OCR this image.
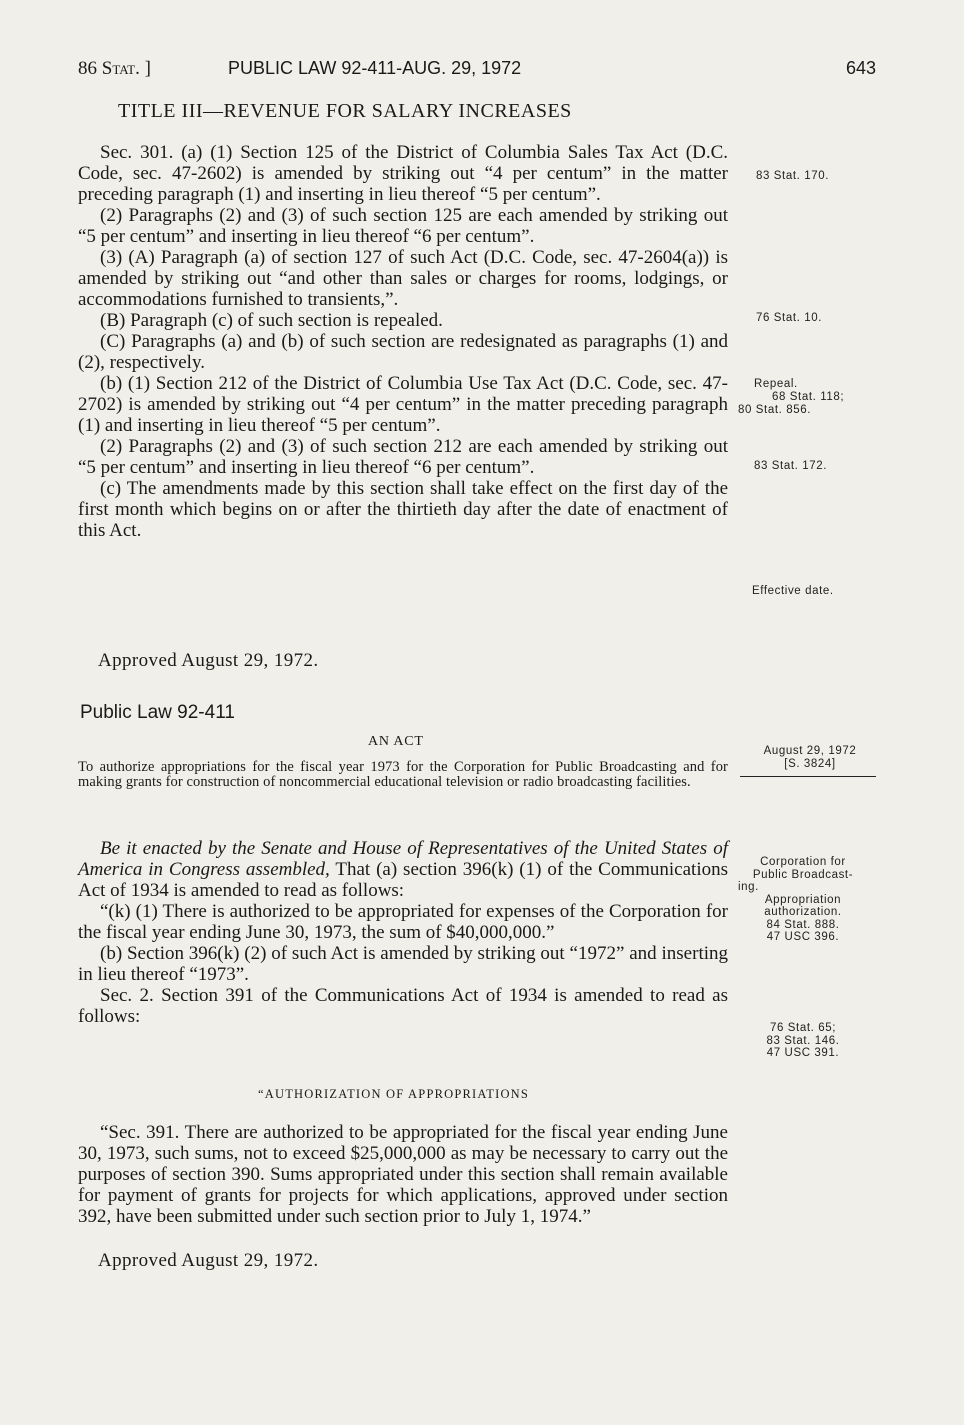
86 Stat. ]	PUBLIC LAW 92-411-AUG. 29, 1972	643
TITLE III—REVENUE FOR SALARY INCREASES

Sec. 301. (a) (1) Section 125 of the District of Columbia Sales Tax Act (D.C. Code, sec. 47-2602) is amended by striking out “4 per centum” in the matter preceding paragraph (1) and inserting in lieu thereof “5 per centum”.

(2) Paragraphs (2) and (3) of such section 125 are each amended by striking out “5 per centum” and inserting in lieu thereof “6 per centum”.

(3) (A) Paragraph (a) of section 127 of such Act (D.C. Code, sec. 47-2604(a)) is amended by striking out “and other than sales or charges for rooms, lodgings, or accommodations furnished to transients,”.

(B) Paragraph (c) of such section is repealed.

(C) Paragraphs (a) and (b) of such section are redesignated as paragraphs (1) and (2), respectively.

(b) (1) Section 212 of the District of Columbia Use Tax Act (D.C. Code, sec. 47-2702) is amended by striking out “4 per centum” in the matter preceding paragraph (1) and inserting in lieu thereof “5 per centum”.

(2) Paragraphs (2) and (3) of such section 212 are each amended by striking out “5 per centum” and inserting in lieu thereof “6 per centum”.

(c) The amendments made by this section shall take effect on the first day of the first month which begins on or after the thirtieth day after the date of enactment of this Act.

Approved August 29, 1972.
Public Law 92-411
AN ACT
To authorize appropriations for the fiscal year 1973 for the Corporation for Public Broadcasting and for making grants for construction of noncommercial educational television or radio broadcasting facilities.

Be it enacted by the Senate and House of Representatives of the United States of America in Congress assembled, That (a) section 396(k) (1) of the Communications Act of 1934 is amended to read as follows:

“(k) (1) There is authorized to be appropriated for expenses of the Corporation for the fiscal year ending June 30, 1973, the sum of $40,000,000.”

(b) Section 396(k) (2) of such Act is amended by striking out “1972” and inserting in lieu thereof “1973”.

Sec. 2. Section 391 of the Communications Act of 1934 is amended to read as follows:

“AUTHORIZATION OF APPROPRIATIONS

“Sec. 391. There are authorized to be appropriated for the fiscal year ending June 30, 1973, such sums, not to exceed $25,000,000 as may be necessary to carry out the purposes of section 390. Sums appropriated under this section shall remain available for payment of grants for projects for which applications, approved under section 392, have been submitted under such section prior to July 1, 1974.”

Approved August 29, 1972.
83 Stat. 170.
76 Stat. 10.
Repeal.
68 Stat. 118;
80 Stat. 856.
83 Stat. 172.
Effective date.
August 29, 1972
[S. 3824]
Corporation for
Public Broadcast-
ing.
Appropriation
authorization.
84 Stat. 888.
47 USC 396.
76 Stat. 65;
83 Stat. 146.
47 USC 391.
